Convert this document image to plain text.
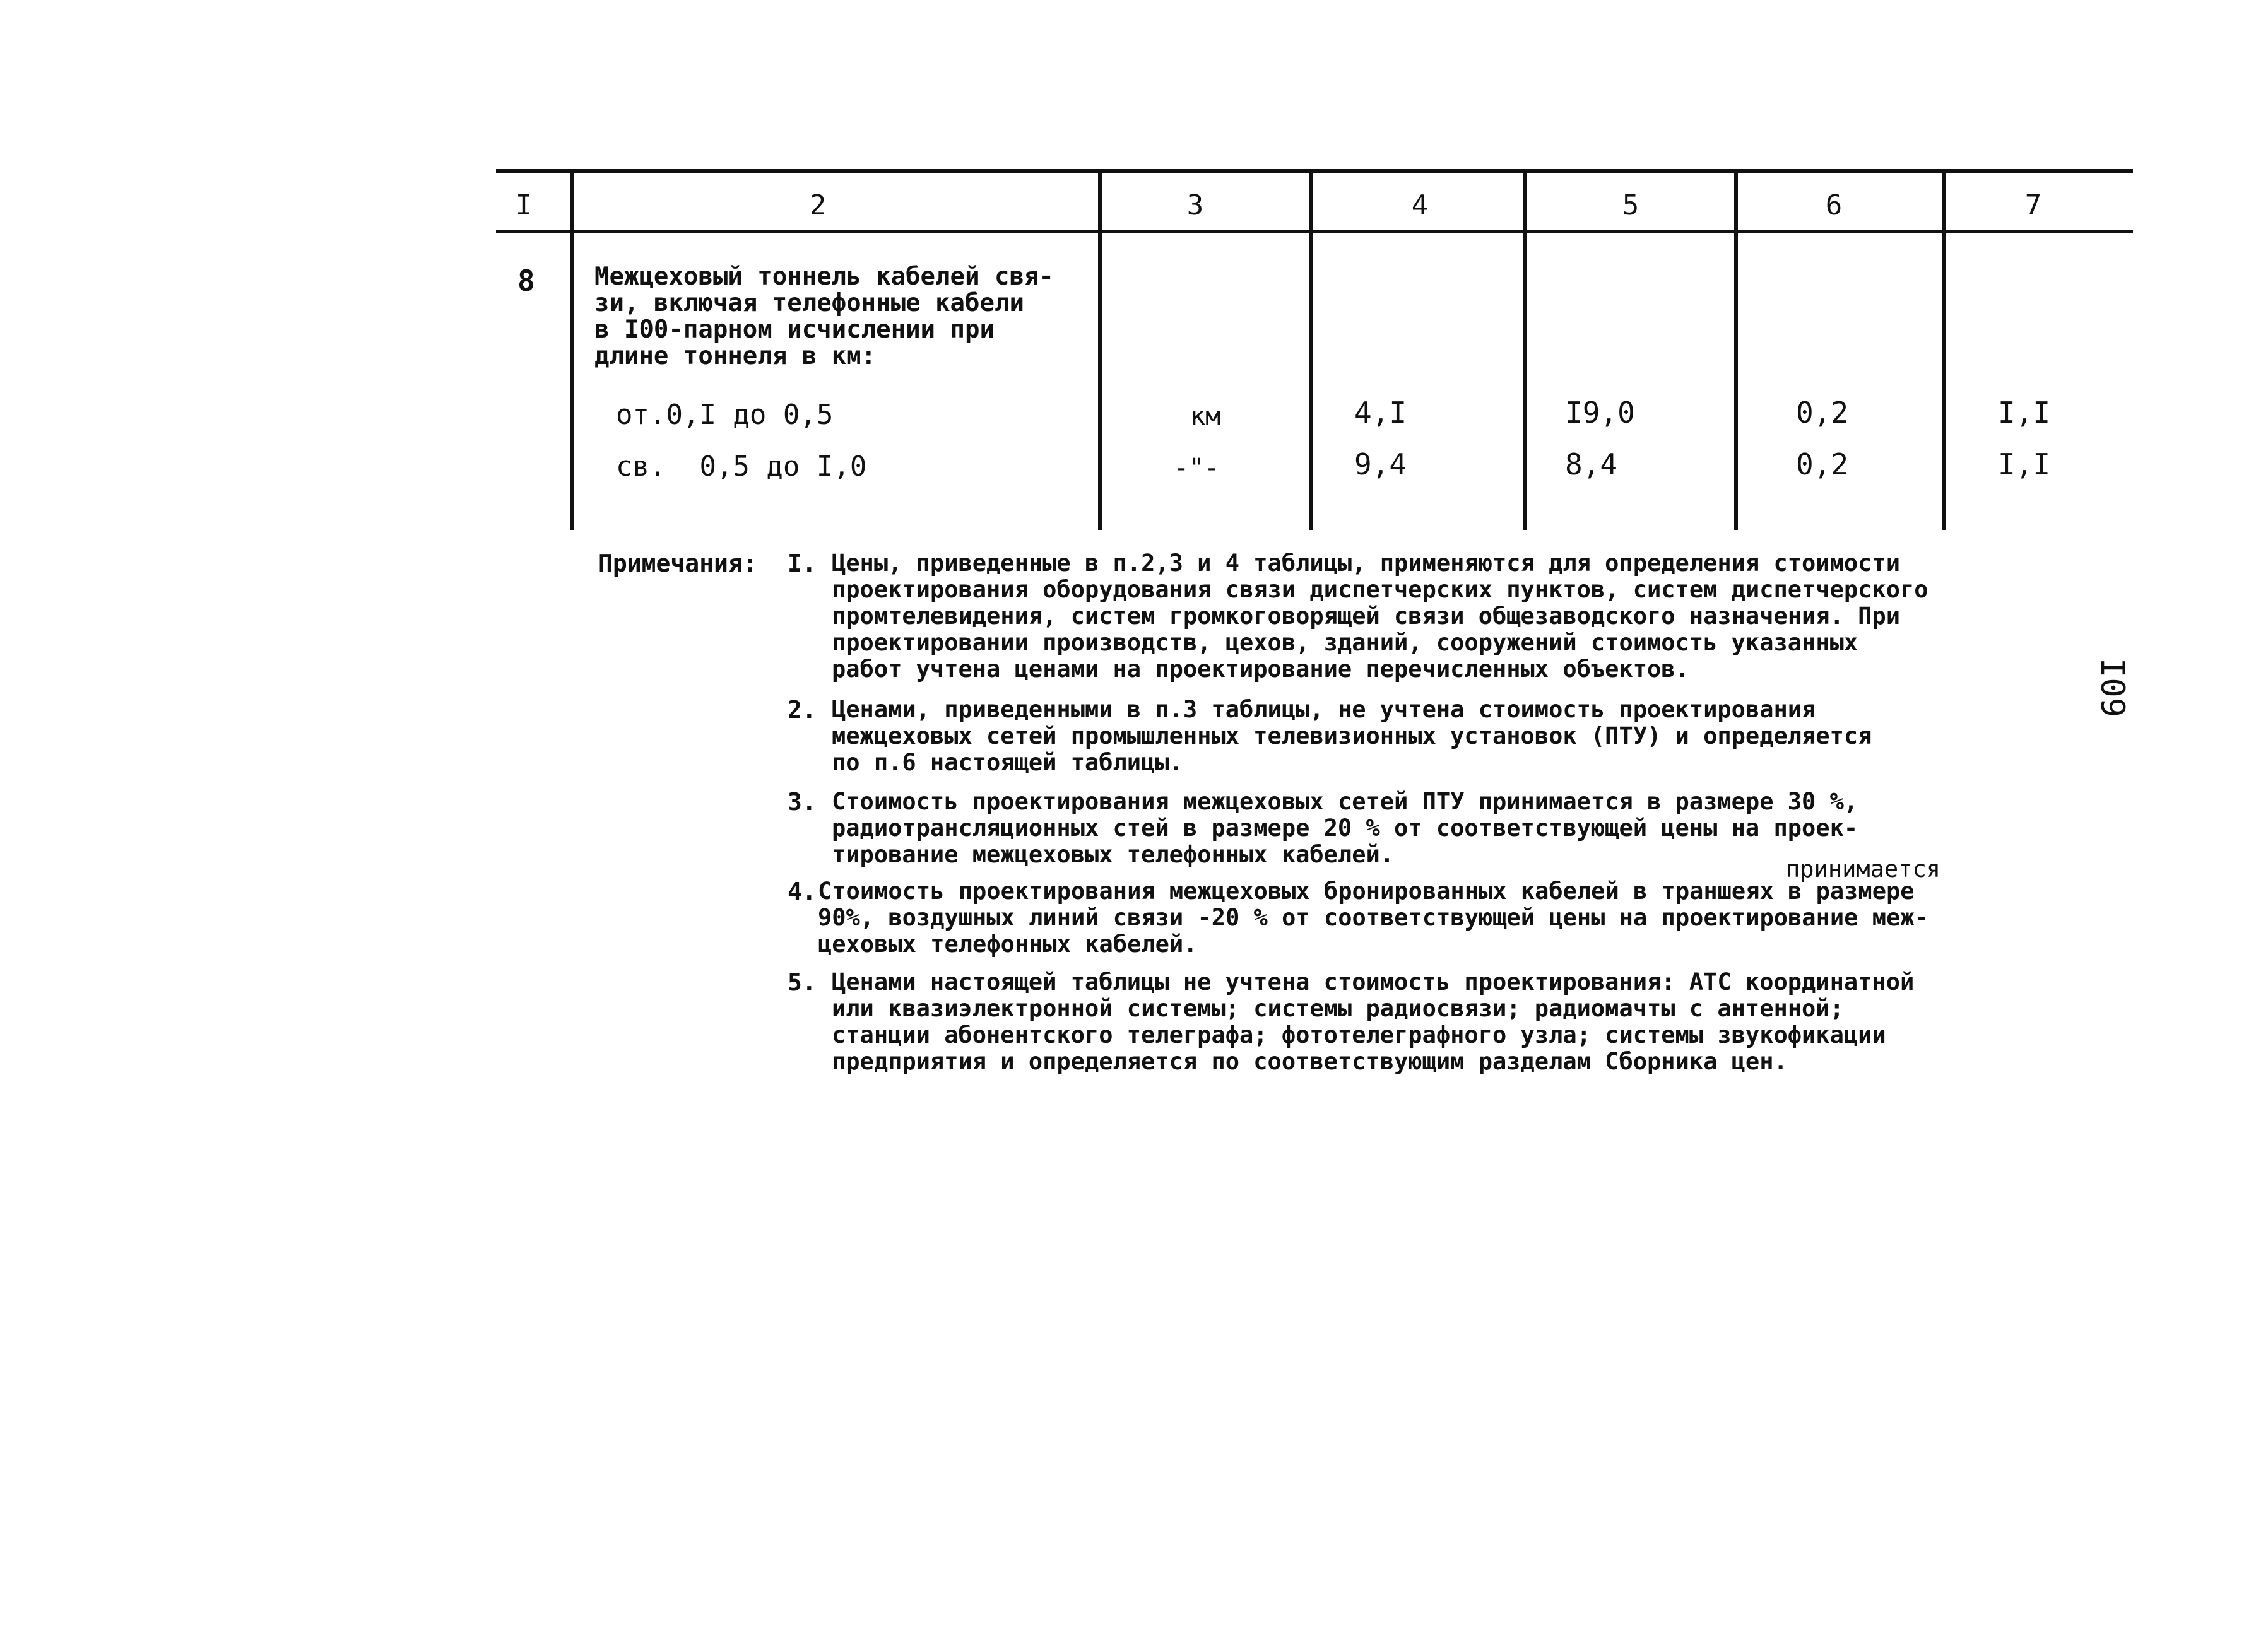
I	2	3	4	5	6	7
8 Межцеховый тоннель кабелей свя-
зи, включая телефонные кабели
в I00-парном исчислении при
длине тоннеля в км:
от.0,I до 0,5	км	4,I	I9,0	0,2	I,I
св.  0,5 до I,0	-"-	9,4	8,4	0,2	I,I
Примечания: I. Цены, приведенные в п.2,3 и 4 таблицы, применяются для определения стоимости
проектирования оборудования связи диспетчерских пунктов, систем диспетчерского
промтелевидения, систем громкоговорящей связи общезаводского назначения. При
проектировании производств, цехов, зданий, сооружений стоимость указанных
работ учтена ценами на проектирование перечисленных объектов.
2. Ценами, приведенными в п.3 таблицы, не учтена стоимость проектирования
межцеховых сетей промышленных телевизионных установок (ПТУ) и определяется
по п.6 настоящей таблицы.
3. Стоимость проектирования межцеховых сетей ПТУ принимается в размере 30 %,
радиотрансляционных стей в размере 20 % от соответствующей цены на проек-
тирование межцеховых телефонных кабелей.
принимается
4. Стоимость проектирования межцеховых бронированных кабелей в траншеях в размере
90%, воздушных линий связи -20 % от соответствующей цены на проектирование меж-
цеховых телефонных кабелей.
5. Ценами настоящей таблицы не учтена стоимость проектирования: АТС координатной
или квазиэлектронной системы; системы радиосвязи; радиомачты с антенной;
станции абонентского телеграфа; фототелеграфного узла; системы звукофикации
предприятия и определяется по соответствующим разделам Сборника цен.
I09
